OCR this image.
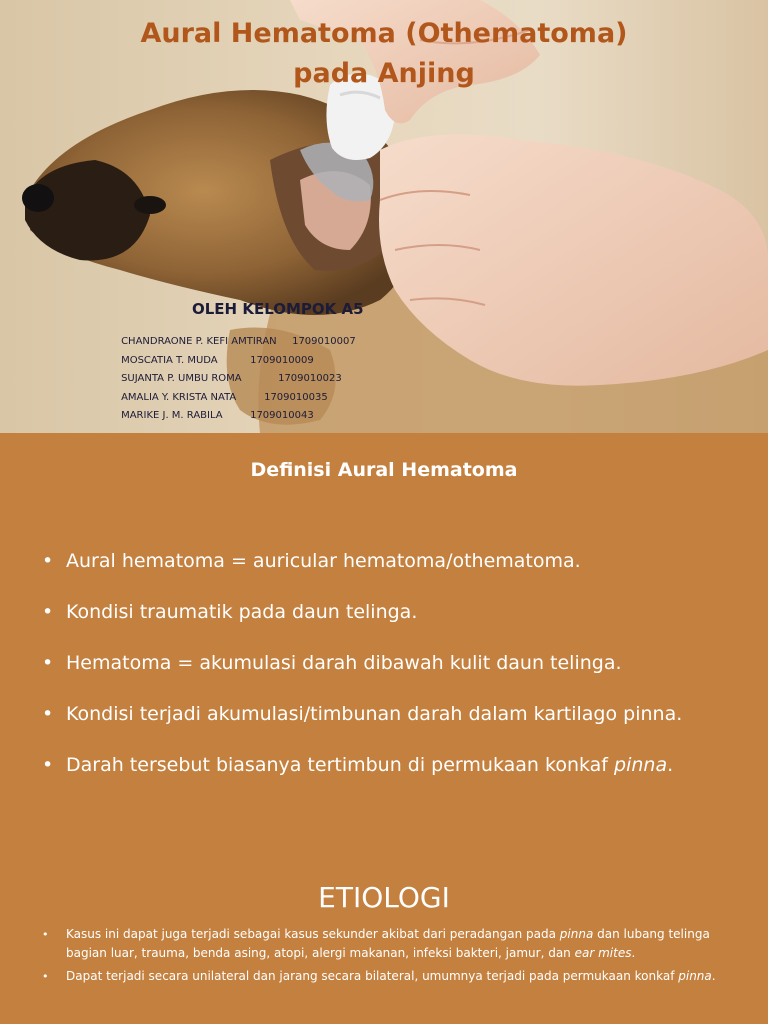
Aural Hematoma (Othematoma)
pada Anjing
OLEH KELOMPOK A5

CHANDRAONE P. KEFI AMTIRAN 1709010007

MOSCATIA T. MUDA	1709010009

SUJANTA P. UMBU ROMA	1709010023

AMALIA Y. KRISTA NATA	1709010035

MARIKE J. M. RABILA	1709010043

Definisi Aural Hematoma
• Aural hematoma = auricular hematoma/othematoma.
• Kondisi traumatik pada daun telinga.
• Hematoma = akumulasi darah dibawah kulit daun telinga.
• Kondisi terjadi akumulasi/timbunan darah dalam kartilago pinna.
• Darah tersebut biasanya tertimbun di permukaan konkaf pinna.
ETIOLOGI
• Kasus ini dapat juga terjadi sebagai kasus sekunder akibat dari peradangan pada pinna dan lubang telinga bagian luar, trauma, benda asing, atopi, alergi makanan, infeksi bakteri, jamur, dan ear mites.
• Dapat terjadi secara unilateral dan jarang secara bilateral, umumnya terjadi pada permukaan konkaf pinna.
